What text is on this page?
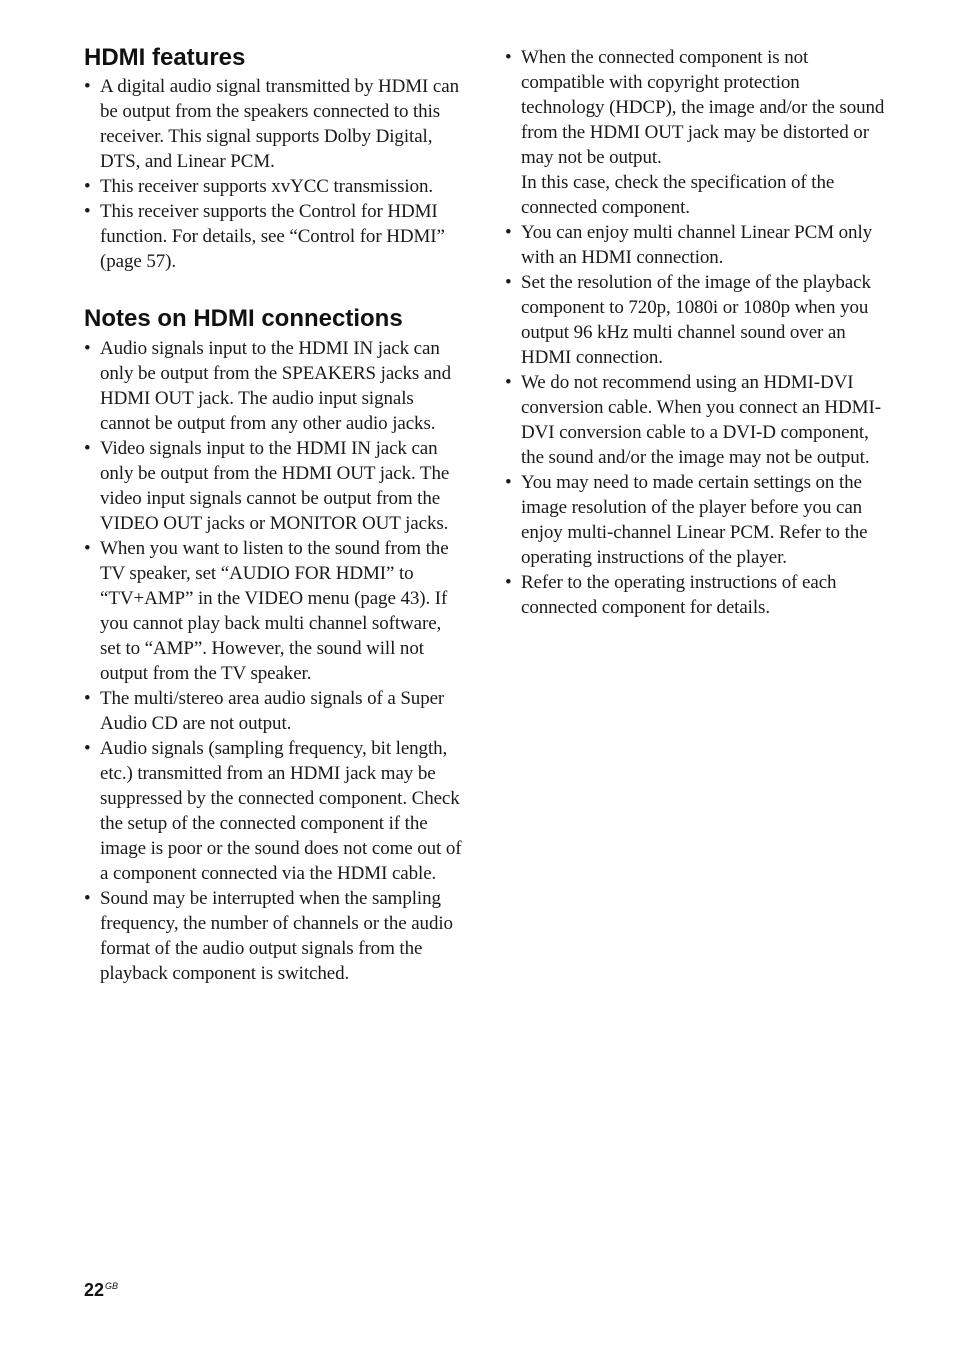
HDMI features
• A digital audio signal transmitted by HDMI can be output from the speakers connected to this receiver. This signal supports Dolby Digital, DTS, and Linear PCM.
• This receiver supports xvYCC transmission.
• This receiver supports the Control for HDMI function. For details, see “Control for HDMI” (page 57).
Notes on HDMI connections
• Audio signals input to the HDMI IN jack can only be output from the SPEAKERS jacks and HDMI OUT jack. The audio input signals cannot be output from any other audio jacks.
• Video signals input to the HDMI IN jack can only be output from the HDMI OUT jack. The video input signals cannot be output from the VIDEO OUT jacks or MONITOR OUT jacks.
• When you want to listen to the sound from the TV speaker, set “AUDIO FOR HDMI” to “TV+AMP” in the VIDEO menu (page 43). If you cannot play back multi channel software, set to “AMP”. However, the sound will not output from the TV speaker.
• The multi/stereo area audio signals of a Super Audio CD are not output.
• Audio signals (sampling frequency, bit length, etc.) transmitted from an HDMI jack may be suppressed by the connected component. Check the setup of the connected component if the image is poor or the sound does not come out of a component connected via the HDMI cable.
• Sound may be interrupted when the sampling frequency, the number of channels or the audio format of the audio output signals from the playback component is switched.
• When the connected component is not compatible with copyright protection technology (HDCP), the image and/or the sound from the HDMI OUT jack may be distorted or may not be output.
In this case, check the specification of the connected component.
• You can enjoy multi channel Linear PCM only with an HDMI connection.
• Set the resolution of the image of the playback component to 720p, 1080i or 1080p when you output 96 kHz multi channel sound over an HDMI connection.
• We do not recommend using an HDMI-DVI conversion cable. When you connect an HDMI-DVI conversion cable to a DVI-D component, the sound and/or the image may not be output.
• You may need to made certain settings on the image resolution of the player before you can enjoy multi-channel Linear PCM. Refer to the operating instructions of the player.
• Refer to the operating instructions of each connected component for details.
$22^{GB}$
